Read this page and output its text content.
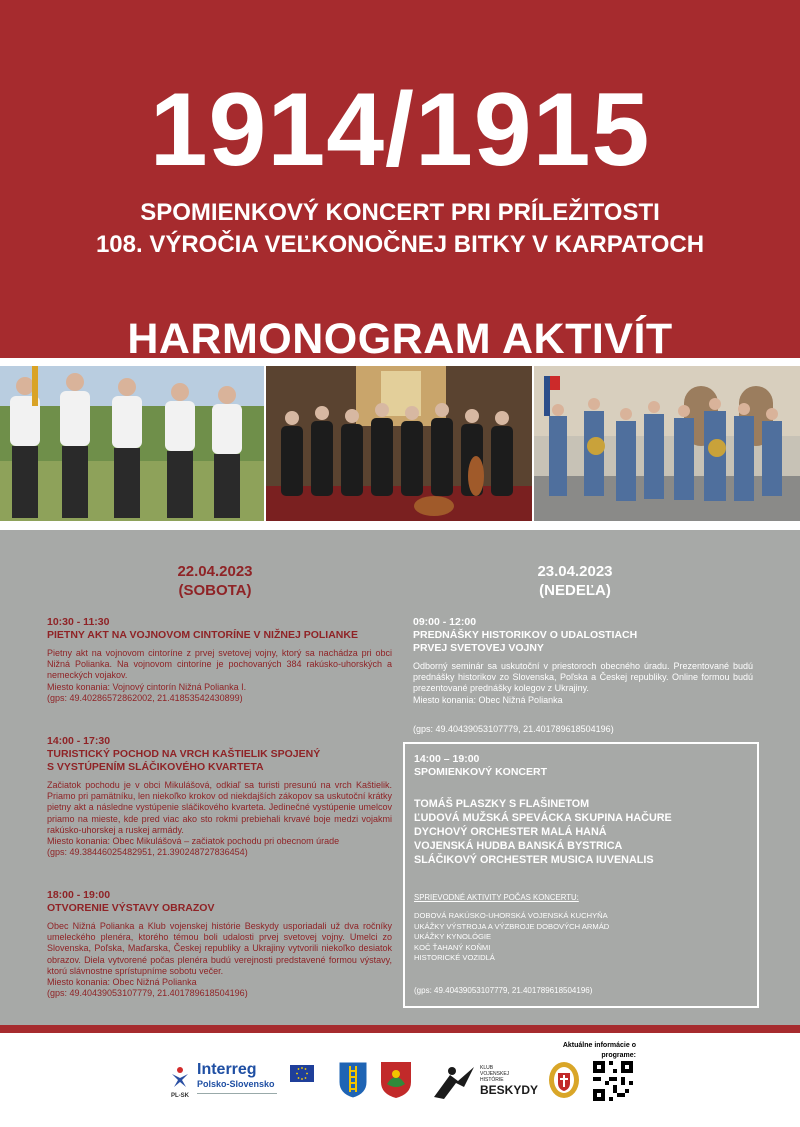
1914/1915
SPOMIENKOVÝ KONCERT PRI PRÍLEŽITOSTI
108. VÝROČIA VEĽKONOČNEJ BITKY V KARPATOCH
HARMONOGRAM AKTIVÍT
22.04.2023
(SOBOTA)
23.04.2023
(NEDEĽA)
10:30 - 11:30
PIETNY AKT NA VOJNOVOM CINTORÍNE V NIŽNEJ POLIANKE
Pietny akt na vojnovom cintoríne z prvej svetovej vojny, ktorý sa nachádza pri obci Nižná Polianka. Na vojnovom cintoríne je pochovaných 384 rakúsko-uhorských a nemeckých vojakov.
Miesto konania: Vojnový cintorín Nižná Polianka I.
(gps: 49.40286572862002, 21.41853542430899)
14:00 - 17:30
TURISTICKÝ POCHOD NA VRCH KAŠTIELIK SPOJENÝ
S VYSTÚPENÍM SLÁČIKOVÉHO KVARTETA
Začiatok pochodu je v obci Mikulášová, odkiaľ sa turisti presunú na vrch Kaštielik. Priamo pri pamätníku, len niekoľko krokov od niekdajších zákopov sa uskutoční krátky pietny akt a následne vystúpenie sláčikového kvarteta. Jedinečné vystúpenie umelcov priamo na mieste, kde pred viac ako sto rokmi prebiehali krvavé boje medzi vojakmi rakúsko-uhorskej a ruskej armády.
Miesto konania: Obec Mikulášová – začiatok pochodu pri obecnom úrade
(gps: 49.38446025482951, 21.390248727836454)
18:00 - 19:00
OTVORENIE VÝSTAVY OBRAZOV
Obec Nižná Polianka a Klub vojenskej histórie Beskydy usporiadali už dva ročníky umeleckého plenéra, ktorého témou boli udalosti prvej svetovej vojny. Umelci zo Slovenska, Poľska, Maďarska, Českej republiky a Ukrajiny vytvorili niekoľko desiatok obrazov. Diela vytvorené počas plenéra budú verejnosti predstavené formou výstavy, ktorú slávnostne sprístupníme sobotu večer.
Miesto konania: Obec Nižná Polianka
(gps: 49.40439053107779, 21.401789618504196)
09:00 - 12:00
PREDNÁŠKY HISTORIKOV O UDALOSTIACH
PRVEJ SVETOVEJ VOJNY
Odborný seminár sa uskutoční v priestoroch obecného úradu. Prezentované budú prednášky historikov zo Slovenska, Poľska a Českej republiky. Online formou budú prezentované prednášky kolegov z Ukrajiny.
Miesto konania: Obec Nižná Polianka
(gps: 49.40439053107779, 21.401789618504196)
14:00 – 19:00
SPOMIENKOVÝ KONCERT
TOMÁŠ PLASZKY S FLAŠINETOM
ĽUDOVÁ MUŽSKÁ SPEVÁCKA SKUPINA HAČURE
DYCHOVÝ ORCHESTER MALÁ HANÁ
VOJENSKÁ HUDBA BANSKÁ BYSTRICA
SLÁČIKOVÝ ORCHESTER MUSICA IUVENALIS
SPRIEVODNÉ AKTIVITY POČAS KONCERTU:
DOBOVÁ RAKÚSKO-UHORSKÁ VOJENSKÁ KUCHYŇA
UKÁŽKY VÝSTROJA A VÝZBROJE DOBOVÝCH ARMÁD
UKÁŽKY KYNOLÓGIE
KOČ ŤAHANÝ KOŇMI
HISTORICKÉ VOZIDLÁ
(gps: 49.40439053107779, 21.401789618504196)
PL-SK
Interreg
Polsko-Slovensko
KLUB
VOJENSKEJ
HISTÓRIE
BESKYDY
Aktuálne informácie o programe:
